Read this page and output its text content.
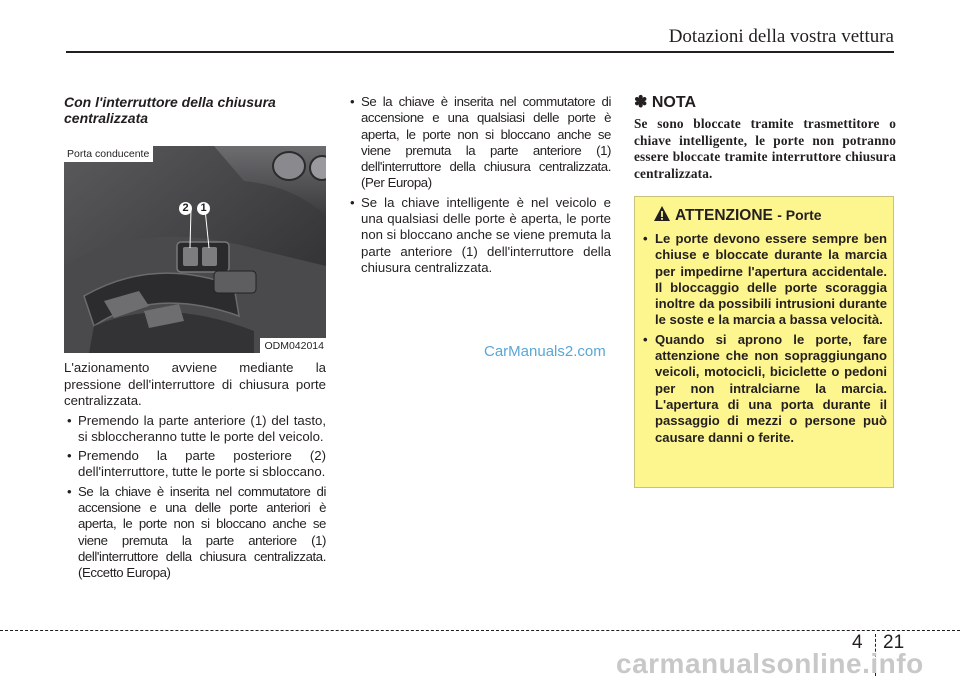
Dotazioni della vostra vettura
Con l'interruttore della chiusura centralizzata
2	1
Porta conducente
ODM042014

L'azionamento avviene mediante la pressione dell'interruttore di chiusura porte centralizzata.

• Premendo la parte anteriore (1) del tasto, si sbloccheranno tutte le porte del veicolo.
• Premendo la parte posteriore (2) dell'interruttore, tutte le porte si sbloccano.
• Se la chiave è inserita nel commutatore di accensione e una delle porte anteriori è aperta, le porte non si bloccano anche se viene premuta la parte anteriore (1) dell'interruttore della chiusura centralizzata.(Eccetto Europa)
• Se la chiave è inserita nel commutatore di accensione e una qualsiasi delle porte è aperta, le porte non si bloccano anche se viene premuta la parte anteriore (1) dell'interruttore della chiusura centralizzata. (Per Europa)
• Se la chiave intelligente è nel veicolo e una qualsiasi delle porte è aperta, le porte non si bloccano anche se viene premuta la parte anteriore (1) dell'interruttore della chiusura centralizzata.
✽ NOTA
Se sono bloccate tramite trasmettitore o chiave intelligente, le porte non potranno essere bloccate tramite interruttore chiusura centralizzata.
ATTENZIONE - Porte
• Le porte devono essere sempre ben chiuse e bloccate durante la marcia per impedirne l'apertura accidentale. Il bloccaggio delle porte scoraggia inoltre da possibili intrusioni durante le soste e la marcia a bassa velocità.
• Quando si aprono le porte, fare attenzione che non sopraggiungano veicoli, motocicli, biciclette o pedoni per non intralciarne la marcia. L'apertura di una porta durante il passaggio di mezzi o persone può causare danni o ferite.
CarManuals2.com
4 21
carmanualsonline.info
